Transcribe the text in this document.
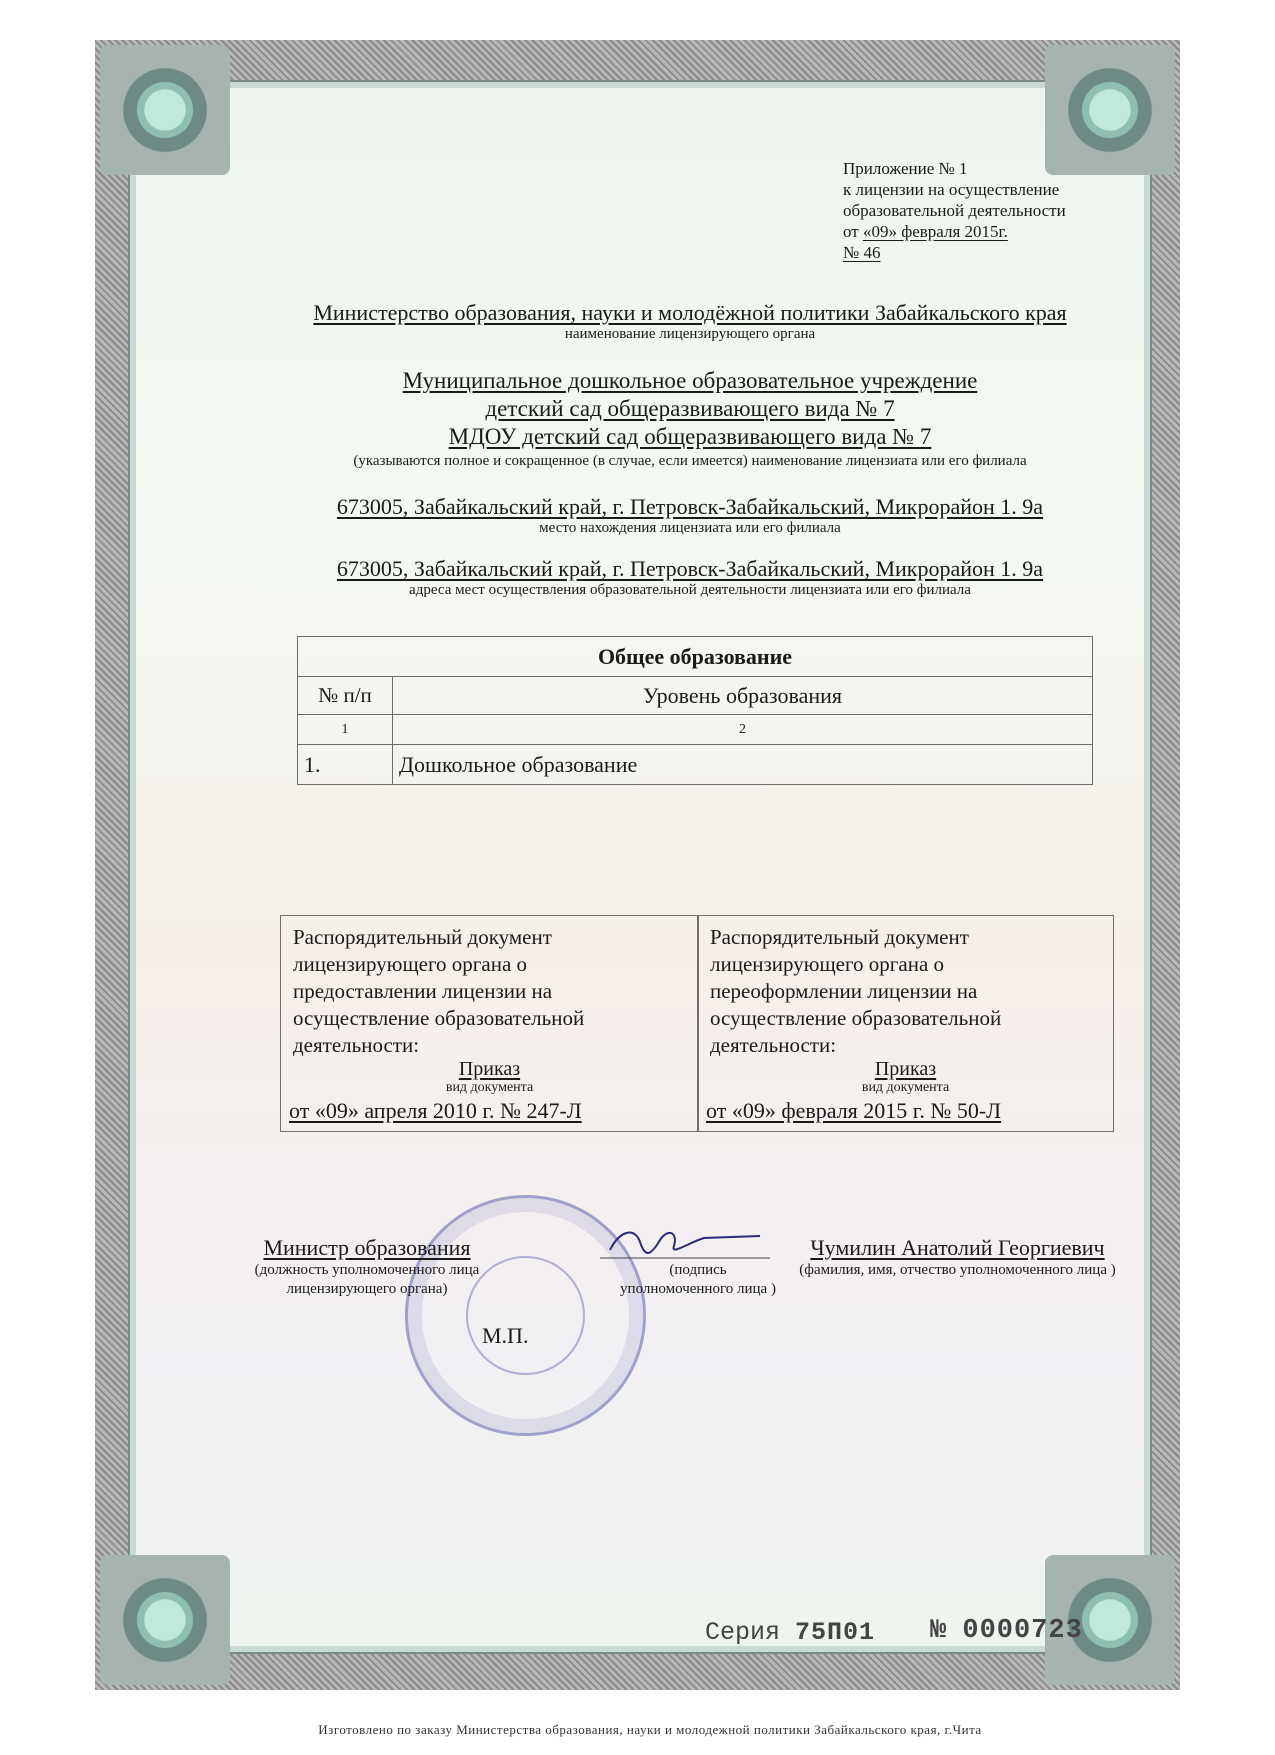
Приложение № 1
к лицензии на осуществление
образовательной деятельности
от «09» февраля 2015г.
№ 46
Министерство образования, науки и молодёжной политики Забайкальского края
наименование лицензирующего органа
Муниципальное дошкольное образовательное учреждение
детский сад общеразвивающего вида № 7
МДОУ детский сад общеразвивающего вида № 7
(указываются полное и сокращенное (в случае, если имеется) наименование лицензиата или его филиала
673005, Забайкальский край, г. Петровск-Забайкальский, Микрорайон 1. 9а
место нахождения лицензиата или его филиала
673005, Забайкальский край, г. Петровск-Забайкальский, Микрорайон 1. 9а
адреса мест осуществления образовательной деятельности лицензиата или его филиала
Общее образование	
№ п/п	Уровень образования
1	2
1.	Дошкольное образование
Распорядительный документ
лицензирующего органа о
предоставлении лицензии на
осуществление образовательной
деятельности:
Приказ
вид документа
от «09» апреля 2010 г. № 247-Л
Распорядительный документ
лицензирующего органа о
переоформлении лицензии на
осуществление образовательной
деятельности:
Приказ
вид документа
от «09» февраля 2015 г. № 50-Л
Министр образования
(должность уполномоченного лица
лицензирующего органа)
(подпись
уполномоченного лица )
Чумилин Анатолий Георгиевич
(фамилия, имя, отчество уполномоченного лица )
М.П.
Серия 75П01 № 0000723
Изготовлено по заказу Министерства образования, науки и молодежной политики Забайкальского края, г.Чита
